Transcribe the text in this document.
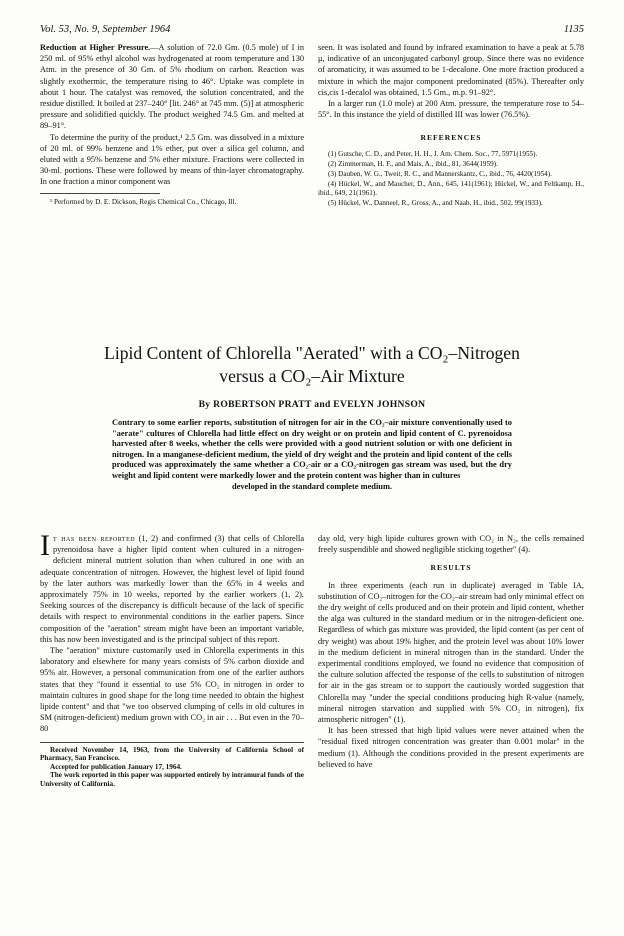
Vol. 53, No. 9, September 1964	1135

Reduction at Higher Pressure.—A solution of 72.0 Gm. (0.5 mole) of I in 250 ml. of 95% ethyl alcohol was hydrogenated at room temperature and 130 Atm. in the presence of 30 Gm. of 5% rhodium on carbon. Reaction was slightly exothermic, the temperature rising to 46°. Uptake was complete in about 1 hour. The catalyst was removed, the solution concentrated, and the residue distilled. It boiled at 237–240° [lit. 246° at 745 mm. (5)] at atmospheric pressure and solidified quickly. The product weighed 74.5 Gm. and melted at 89–91°.

To determine the purity of the product,¹ 2.5 Gm. was dissolved in a mixture of 20 ml. of 99% benzene and 1% ether, put over a silica gel column, and eluted with a 95% benzene and 5% ether mixture. Fractions were collected in 30-ml. portions. These were followed by means of thin-layer chromatography. In one fraction a minor component was

¹ Performed by D. E. Dickson, Regis Chemical Co., Chicago, Ill.

seen. It was isolated and found by infrared examination to have a peak at 5.78 μ, indicative of an unconjugated carbonyl group. Since there was no evidence of aromaticity, it was assumed to be 1-decalone. One more fraction produced a mixture in which the major component predominated (85%). Thereafter only cis,cis 1-decalol was obtained, 1.5 Gm., m.p. 91–92°.

In a larger run (1.0 mole) at 200 Atm. pressure, the temperature rose to 54–55°. In this instance the yield of distilled III was lower (76.5%).

REFERENCES

(1) Gutsche, C. D., and Peter, H. H., J. Am. Chem. Soc., 77, 5971(1955).

(2) Zimmerman, H. F., and Mais, A., ibid., 81, 3644(1959).

(3) Dauben, W. G., Tweit, R. C., and Mannerskantz, C., ibid., 76, 4420(1954).

(4) Hückel, W., and Maucher, D., Ann., 645, 141(1961); Hückel, W., and Feltkamp, H., ibid., 649, 21(1961).

(5) Hückel, W., Danneel, R., Gross, A., and Naab, H., ibid., 502, 99(1933).

Lipid Content of Chlorella "Aerated" with a CO₂–Nitrogen
versus a CO₂–Air Mixture
By ROBERTSON PRATT and EVELYN JOHNSON
Contrary to some earlier reports, substitution of nitrogen for air in the CO₂–air mixture conventionally used to "aerate" cultures of Chlorella had little effect on dry weight or on protein and lipid content of C. pyrenoidosa harvested after 8 weeks, whether the cells were provided with a good nutrient solution or with one deficient in nitrogen. In a manganese-deficient medium, the yield of dry weight and the protein and lipid content of the cells produced was approximately the same whether a CO₂-air or a CO₂-nitrogen gas stream was used, but the dry weight and lipid content were markedly lower and the protein content was higher than in cultures
developed in the standard complete medium.

It has been reported (1, 2) and confirmed (3) that cells of Chlorella pyrenoidosa have a higher lipid content when cultured in a nitrogen-deficient mineral nutrient solution than when cultured in one with an adequate concentration of nitrogen. However, the highest level of lipid found by the later authors was markedly lower than the 65% in 4 weeks and approximately 75% in 10 weeks, reported by the earlier workers (1, 2). Seeking sources of the discrepancy is difficult because of the lack of specific details with respect to environmental conditions in the earlier papers. Since composition of the "aeration" stream might have been an important variable, this has now been investigated and is the principal subject of this report.

The "aeration" mixture customarily used in Chlorella experiments in this laboratory and elsewhere for many years consists of 5% carbon dioxide and 95% air. However, a personal communication from one of the earlier authors states that they "found it essential to use 5% CO₂ in nitrogen in order to maintain cultures in good shape for the long time needed to obtain the highest lipide content" and that "we too observed clumping of cells in old cultures in SM (nitrogen-deficient) medium grown with CO₂ in air . . . But even in the 70–80

Received November 14, 1963, from the University of California School of Pharmacy, San Francisco.

Accepted for publication January 17, 1964.

The work reported in this paper was supported entirely by intramural funds of the University of California.

day old, very high lipide cultures grown with CO₂ in N₂, the cells remained freely suspendible and showed negligible sticking together" (4).

RESULTS

In three experiments (each run in duplicate) averaged in Table IA, substitution of CO₂–nitrogen for the CO₂–air stream had only minimal effect on the dry weight of cells produced and on their protein and lipid content, whether the alga was cultured in the standard medium or in the nitrogen-deficient one. Regardless of which gas mixture was provided, the lipid content (as per cent of dry weight) was about 19% higher, and the protein level was about 10% lower in the medium deficient in mineral nitrogen than in the standard. Under the experimental conditions employed, we found no evidence that composition of the culture solution affected the response of the cells to substitution of nitrogen for air in the gas stream or to support the cautiously worded suggestion that Chlorella may "under the special conditions producing high R-value (namely, mineral nitrogen starvation and supplied with 5% CO₂ in nitrogen), fix atmospheric nitrogen" (1).

It has been stressed that high lipid values were never attained when the "residual fixed nitrogen concentration was greater than 0.001 molar" in the medium (1). Although the conditions provided in the present experiments are believed to have
